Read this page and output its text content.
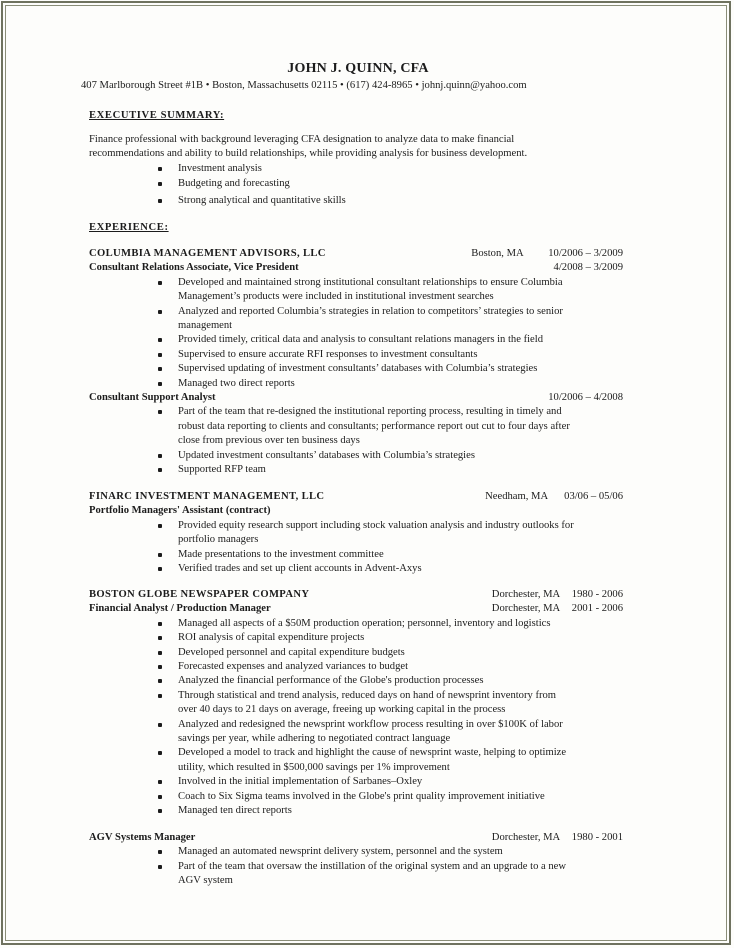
JOHN J. QUINN, CFA
407 Marlborough Street #1B • Boston, Massachusetts 02115 • (617) 424-8965 • johnj.quinn@yahoo.com
EXECUTIVE SUMMARY:
Finance professional with background leveraging CFA designation to analyze data to make financial
recommendations and ability to build relationships, while providing analysis for business development.
Investment analysis
Budgeting and forecasting
Strong analytical and quantitative skills
EXPERIENCE:
COLUMBIA MANAGEMENT ADVISORS, LLC	Boston, MA	10/2006 – 3/2009
Consultant Relations Associate, Vice President	4/2008 – 3/2009
Developed and maintained strong institutional consultant relationships to ensure Columbia
Management’s products were included in institutional investment searches
Analyzed and reported Columbia’s strategies in relation to competitors’ strategies to senior
management
Provided timely, critical data and analysis to consultant relations managers in the field
Supervised to ensure accurate RFI responses to investment consultants
Supervised updating of investment consultants’ databases with Columbia’s strategies
Managed two direct reports
Consultant Support Analyst	10/2006 – 4/2008
Part of the team that re-designed the institutional reporting process, resulting in timely and
robust data reporting to clients and consultants; performance report out cut to four days after
close from previous over ten business days
Updated investment consultants’ databases with Columbia’s strategies
Supported RFP team
FINARC INVESTMENT MANAGEMENT, LLC	Needham, MA	03/06 – 05/06
Portfolio Managers' Assistant (contract)
Provided equity research support including stock valuation analysis and industry outlooks for
portfolio managers
Made presentations to the investment committee
Verified trades and set up client accounts in Advent-Axys
BOSTON GLOBE NEWSPAPER COMPANY	Dorchester, MA	1980 - 2006
Financial Analyst / Production Manager	Dorchester, MA	2001 - 2006
Managed all aspects of a $50M production operation; personnel, inventory and logistics
ROI analysis of capital expenditure projects
Developed personnel and capital expenditure budgets
Forecasted expenses and analyzed variances to budget
Analyzed the financial performance of the Globe's production processes
Through statistical and trend analysis, reduced days on hand of newsprint inventory from
over 40 days to 21 days on average, freeing up working capital in the process
Analyzed and redesigned the newsprint workflow process resulting in over $100K of labor
savings per year, while adhering to negotiated contract language
Developed a model to track and highlight the cause of newsprint waste, helping to optimize
utility, which resulted in $500,000 savings per 1% improvement
Involved in the initial implementation of Sarbanes–Oxley
Coach to Six Sigma teams involved in the Globe's print quality improvement initiative
Managed ten direct reports
AGV Systems Manager	Dorchester, MA	1980 - 2001
Managed an automated newsprint delivery system, personnel and the system
Part of the team that oversaw the instillation of the original system and an upgrade to a new
AGV system
